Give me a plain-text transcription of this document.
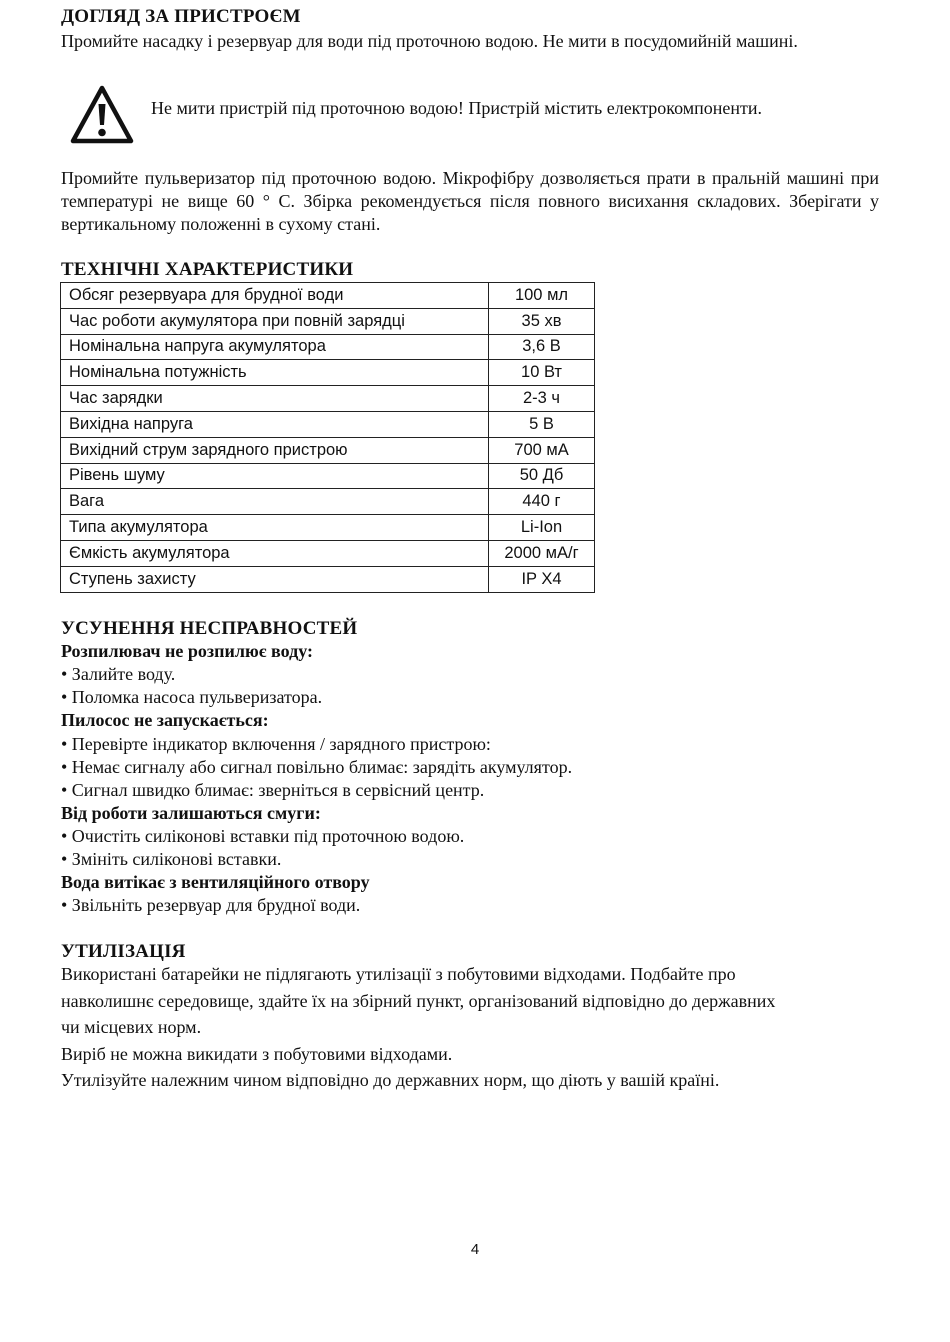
ДОГЛЯД ЗА ПРИСТРОЄМ
Промийте насадку і резервуар для води під проточною водою. Не мити в посудомийній машині.
Не мити пристрій під проточною водою! Пристрій містить електрокомпоненти.
Промийте пульверизатор під проточною водою. Мікрофібру дозволяється прати в пральній машині при температурі не вище 60 ° С. Збірка рекомендується після повного висихання складових. Зберігати у вертикальному положенні в сухому стані.
ТЕХНІЧНІ ХАРАКТЕРИСТИКИ
Обсяг резервуара для брудної води	100 мл
Час роботи акумулятора при повній зарядці	35 хв
Номінальна напруга акумулятора	3,6 В
Номінальна потужність	10 Вт
Час зарядки	2-3 ч
Вихідна напруга	5 В
Вихідний струм зарядного пристрою	700 мА
Рівень шуму	50 Дб
Вага	440 г
Типа акумулятора	Li-Ion
Ємкість акумулятора	2000 мА/г
Ступень захисту	IP X4
УСУНЕННЯ НЕСПРАВНОСТЕЙ
Розпилювач не розпилює воду:
• Залийте воду.
• Поломка насоса пульверизатора.
Пилосос не запускається:
• Перевірте індикатор включення / зарядного пристрою:
• Немає сигналу або сигнал повільно блимає: зарядіть акумулятор.
• Сигнал швидко блимає: зверніться в сервісний центр.
Від роботи залишаються смуги:
• Очистіть силіконові вставки під проточною водою.
• Змініть силіконові вставки.
Вода витікає з вентиляційного отвору
• Звільніть резервуар для брудної води.
УТИЛІЗАЦІЯ
Використані батарейки не підлягають утилізації з побутовими відходами. Подбайте про
навколишнє середовище, здайте їх на збірний пункт, організований відповідно до державних
чи місцевих норм.
Виріб не можна викидати з побутовими відходами.
Утилізуйте належним чином відповідно до державних норм, що діють у вашій країні.
4
